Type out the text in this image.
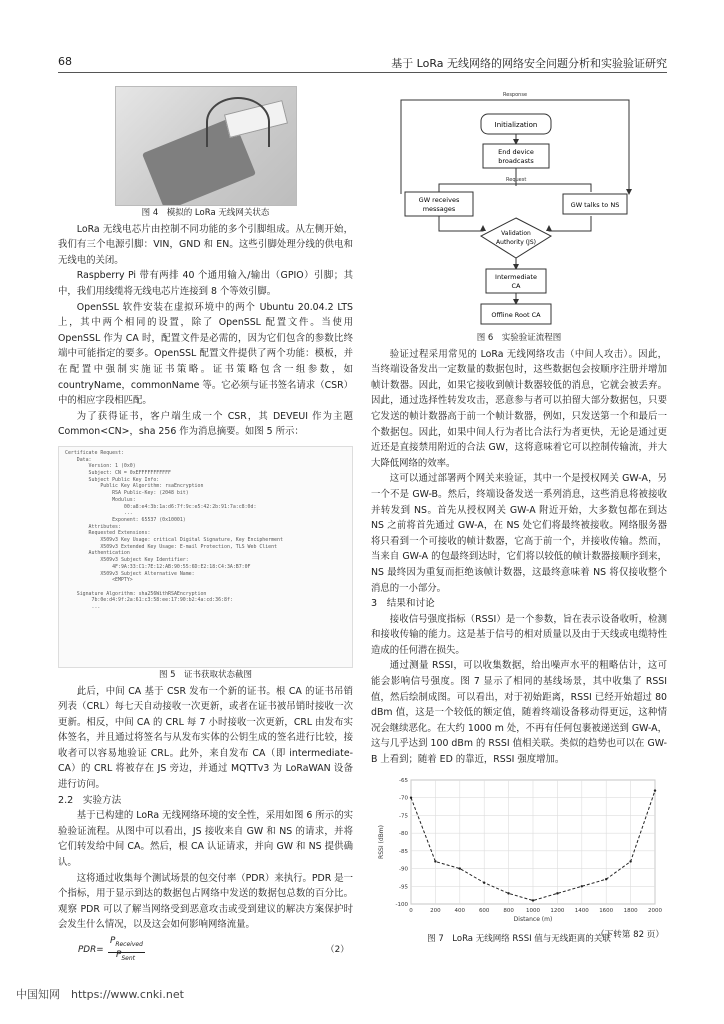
68	基于 LoRa 无线网络的网络安全问题分析和实验验证研究

图 4　模拟的 LoRa 无线网关状态

LoRa 无线电芯片由控制不同功能的多个引脚组成。从左侧开始，我们有三个电源引脚：VIN，GND 和 EN。这些引脚处理分线的供电和无线电的关闭。

Raspberry Pi 带有两排 40 个通用输入/输出（GPIO）引脚；其中，我们用线缆将无线电芯片连接到 8 个等效引脚。

OpenSSL 软件安装在虚拟环境中的两个 Ubuntu 20.04.2 LTS 上，其中两个相同的设置，除了 OpenSSL 配置文件。当使用 OpenSSL 作为 CA 时，配置文件是必需的，因为它们包含的参数比终端中可能指定的要多。OpenSSL 配置文件提供了两个功能：模板，并在配置中强制实施证书策略。证书策略包含一组参数，如 countryName，commonName 等。它必须与证书签名请求（CSR）中的相应字段相匹配。

为了获得证书，客户端生成一个 CSR，其 DEVEUI 作为主题 Common<CN>，sha 256 作为消息摘要。如图 5 所示：

Certificate Request:
Data:
Version: 1 (0x0)
Subject: CN = 0xEFFFFFFFFFFF
Subject Public Key Info:
Public Key Algorithm: rsaEncryption
RSA Public-Key: (2048 bit)
Modulus:
00:a8:e4:3b:1a:d6:7f:9c:e5:42:2b:91:7a:c8:0d:
...
Exponent: 65537 (0x10001)
Attributes:
Requested Extensions:
X509v3 Key Usage: critical Digital Signature, Key Encipherment
X509v3 Extended Key Usage: E-mail Protection, TLS Web Client
Authentication
X509v3 Subject Key Identifier:
4F:9A:33:C1:7E:12:AB:90:55:6D:E2:18:C4:3A:B7:0F
X509v3 Subject Alternative Name:
<EMPTY>

Signature Algorithm: sha256WithRSAEncryption
7b:0e:d4:9f:2a:61:c3:58:ee:17:90:b2:4a:cd:36:8f:
...

图 5　证书获取状态截图

此后，中间 CA 基于 CSR 发布一个新的证书。根 CA 的证书吊销列表（CRL）每七天自动接收一次更新，或者在证书被吊销时接收一次更新。相反，中间 CA 的 CRL 每 7 小时接收一次更新，CRL 由发布实体签名，并且通过将签名与从发布实体的公钥生成的签名进行比较，接收者可以容易地验证 CRL。此外，来自发布 CA（即 intermediate-CA）的 CRL 将被存在 JS 旁边，并通过 MQTTv3 为 LoRaWAN 设备进行访问。

2.2　实验方法

基于已构建的 LoRa 无线网络环境的安全性，采用如图 6 所示的实验验证流程。从图中可以看出，JS 接收来自 GW 和 NS 的请求，并将它们转发给中间 CA。然后，根 CA 认证请求，并向 GW 和 NS 提供确认。

这将通过收集每个测试场景的包交付率（PDR）来执行。PDR 是一个指标，用于显示到达的数据包占网络中发送的数据包总数的百分比。观察 PDR 可以了解当网络受到恶意攻击或受到建议的解决方案保护时会发生什么情况，以及这会如何影响网络流量。

PDR=
$P_{Received}$
$P_{Sent}$
（2）
Response
Request
Initialization
End device
broadcasts
GW receives
messages	GW talks to NS
Validation
Authority (JS)
Intermediate
CA
Offline Root CA

图 6　实验验证流程图

验证过程采用常见的 LoRa 无线网络攻击（中间人攻击）。因此，当终端设备发出一定数量的数据包时，这些数据包会按顺序注册并增加帧计数器。因此，如果它接收到帧计数器较低的消息，它就会被丢弃。因此，通过选择性转发攻击，恶意参与者可以拍留大部分数据包，只要它发送的帧计数器高于前一个帧计数器，例如，只发送第一个和最后一个数据包。因此，如果中间人行为者比合法行为者更快，无论是通过更近还是直接禁用附近的合法 GW，这将意味着它可以控制传输流，并大大降低网络的效率。

这可以通过部署两个网关来验证，其中一个是授权网关 GW-A，另一个不是 GW-B。然后，终端设备发送一系列消息，这些消息将被接收并转发到 NS。首先从授权网关 GW-A 附近开始，大多数包都在到达 NS 之前将首先通过 GW-A，在 NS 处它们将最终被接收。网络服务器将只看到一个可接收的帧计数器，它高于前一个，并接收传输。然而，当来自 GW-A 的包最终到达时，它们将以较低的帧计数器接顺序到来，NS 最终因为重复而拒绝该帧计数器，这最终意味着 NS 将仅接收整个消息的一小部分。

3　结果和讨论

接收信号强度指标（RSSI）是一个参数，旨在表示设备收听，检测和接收传输的能力。这是基于信号的相对质量以及由于天线或电缆特性造成的任何潜在损失。

通过测量 RSSI，可以收集数据，给出噪声水平的粗略估计，这可能会影响信号强度。图 7 显示了相同的基线场景，其中收集了 RSSI 值，然后绘制成图。可以看出，对于初始距离，RSSI 已经开始超过 80 dBm 值，这是一个较低的额定值，随着终端设备移动得更远，这种情况会继续恶化。在大约 1000 m 处，不再有任何包裹被递送到 GW-A，这与几乎达到 100 dBm 的 RSSI 值相关联。类似的趋势也可以在 GW-B 上看到；随着 ED 的靠近，RSSI 强度增加。

-65
-70
-75
-80
-85
-90
-95
-100
0	200	400	600	800 1000 1200 1400 1600 1800 2000
Distance (m)
RSSI (dBm)

图 7　LoRa 无线网络 RSSI 值与无线距离的关联

（下转第 82 页）
中国知网　https://www.cnki.net
